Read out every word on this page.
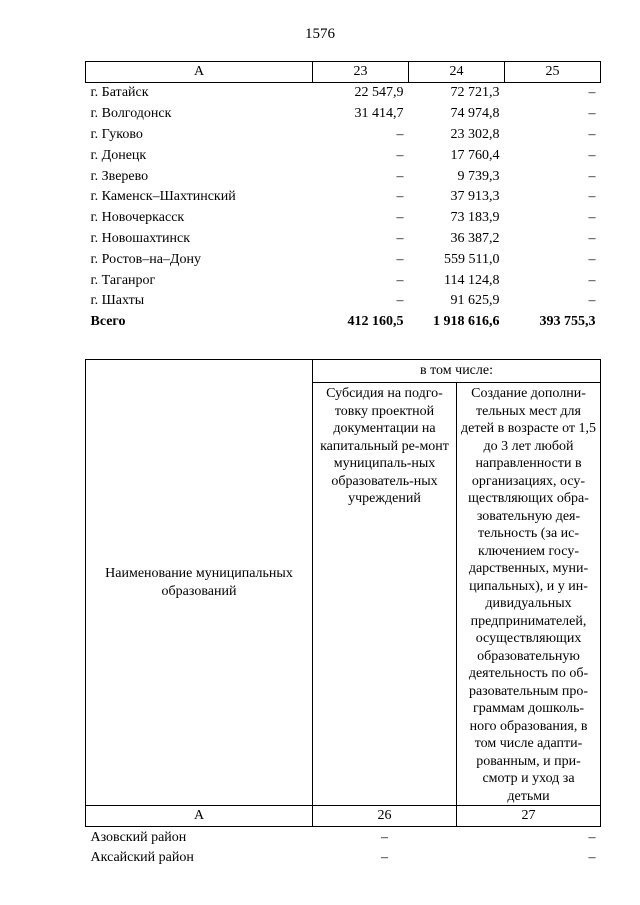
1576
А	23	24	25
г. Батайск	22 547,9	72 721,3	–
г. Волгодонск	31 414,7	74 974,8	–
г. Гуково	–	23 302,8	–
г. Донецк	–	17 760,4	–
г. Зверево	–	9 739,3	–
г. Каменск–Шахтинский	–	37 913,3	–
г. Новочеркасск	–	73 183,9	–
г. Новошахтинск	–	36 387,2	–
г. Ростов–на–Дону	–	559 511,0	–
г. Таганрог	–	114 124,8	–
г. Шахты	–	91 625,9	–
Всего	412 160,5	1 918 616,6	393 755,3
Наименование муниципальных образований	в том числе:	
	Субсидия на подго-товку проектной документации на капитальный ре-монт муниципаль-ных образователь-ных учреждений	Создание дополни-тельных мест для детей в возрасте от 1,5 до 3 лет любой направленности в организациях, осу-ществляющих обра-зовательную дея-тельность (за ис-ключением госу-дарственных, муни-ципальных), и у ин-дивидуальных предпринимателей, осуществляющих образовательную деятельность по об-разовательным про-граммам дошколь-ного образования, в том числе адапти-рованным, и при-смотр и уход за детьми
А	26	27
Азовский район	–	–
Аксайский район	–	–
